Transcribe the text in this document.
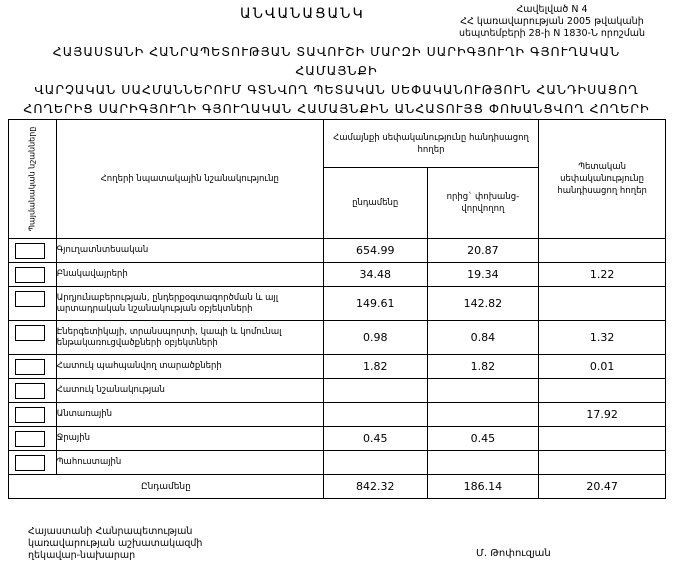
ԱՆՎԱՆԱՑԱՆԿ	Հավելված N 4
ՀՀ կառավարության 2005 թվականի
սեպտեմբերի 28-ի N 1830-Ն որոշման
ՀԱՅԱՍՏԱՆԻ ՀԱՆՐԱՊԵՏՈՒԹՅԱՆ ՏԱՎՈՒՇԻ ՄԱՐԶԻ ՍԱՐԻԳՅՈՒՂԻ ԳՅՈՒՂԱԿԱՆ ՀԱՄԱՅՆՔԻ
ՎԱՐՉԱԿԱՆ ՍԱՀՄԱՆՆԵՐՈՒՄ ԳՏՆՎՈՂ ՊԵՏԱԿԱՆ ՍԵՓԱԿԱՆՈՒԹՅՈՒՆ ՀԱՆԴԻՍԱՑՈՂ
ՀՈՂԵՐԻՑ ՍԱՐԻԳՅՈՒՂԻ ԳՅՈՒՂԱԿԱՆ ՀԱՄԱՅՆՔԻՆ ԱՆՀԱՏՈՒՅՑ ՓՈԽԱՆՑՎՈՂ ՀՈՂԵՐԻ
Պայմանական նշանները	Հողերի նպատակային նշանակությունը	Համայնքի սեփականությունը հանդիսացող հողեր		Պետական սեփականությունը հանդիսացող հողեր
		ընդամենը	որից` փոխանց-վորվողող	

	Գյուղատնտեսական	654.99	20.87	

	Բնակավայրերի	34.48	19.34	1.22

	Արդյունաբերության, ընդերքօգտագործման և այլ արտադրական նշանակության օբյեկտների	149.61	142.82	

	Էներգետիկայի, տրանսպորտի, կապի և կոմունալ ենթակառուցվածքների օբյեկտների	0.98	0.84	1.32

	Հատուկ պահպանվող տարածքների	1.82	1.82	0.01

	Հատուկ նշանակության			

	Անտառային			17.92

	Ջրային	0.45	0.45	

	Պահուստային			
Ընդամենը		842.32	186.14	20.47
Հայաստանի Հանրապետության
կառավարության աշխատակազմի
ղեկավար-նախարար	Մ. Թոփուզյան
